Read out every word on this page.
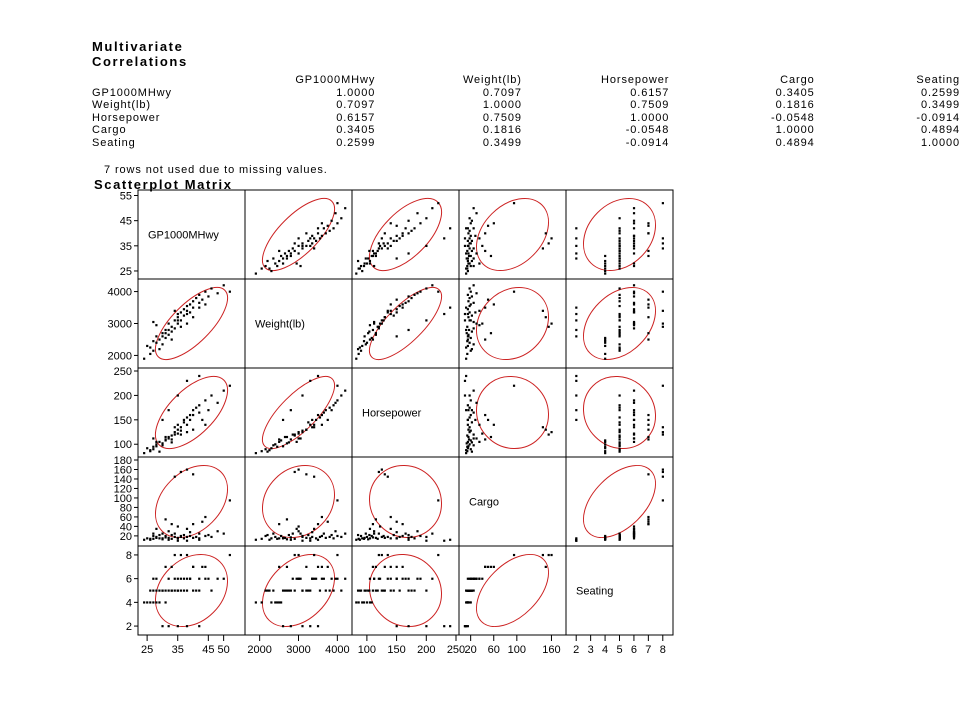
Multivariate
Correlations
	GP1000MHwy	Weight(lb)	Horsepower	Cargo	Seating
GP1000MHwy	1.0000	0.7097	0.6157	0.3405	0.2599
Weight(lb)	0.7097	1.0000	0.7509	0.1816	0.3499
Horsepower	0.6157	0.7509	1.0000	-0.0548	-0.0914
Cargo	0.3405	0.1816	-0.0548	1.0000	0.4894
Seating	0.2599	0.3499	-0.0914	0.4894	1.0000
7 rows not used due to missing values.
Scatterplot Matrix
GP1000MHwy
Weight(lb)
Horsepower
Cargo
Seating
25
35
45
55
2000
3000
4000
100
150
200
250
20
40
60
80
100
120
140
160
180
2
4
6
8
25 35 45 50 2000 3000 4000 100 150 200 250 20 60 100 160 2 3 4 5 6 7 8
